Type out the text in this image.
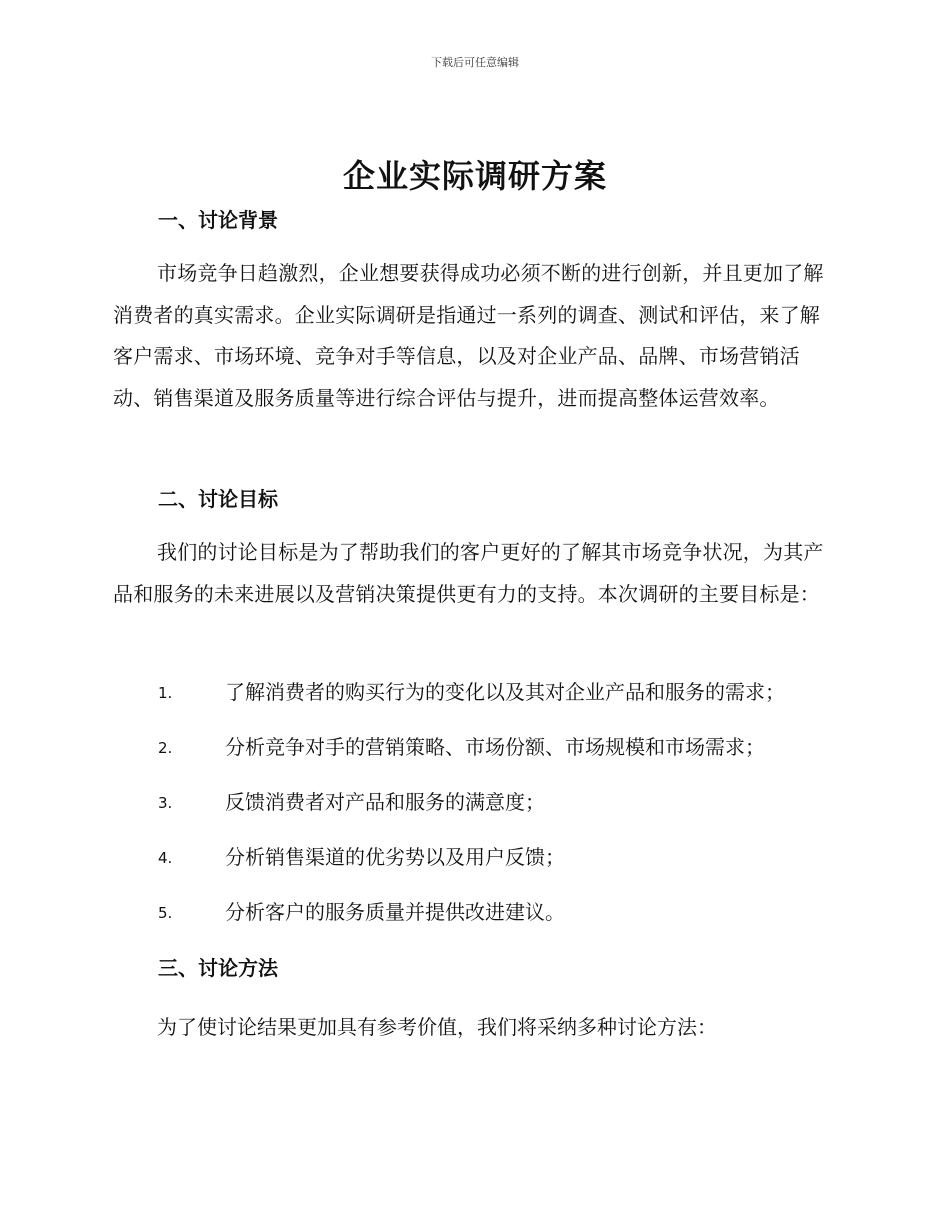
下载后可任意编辑
企业实际调研方案
一、讨论背景
市场竞争日趋激烈，企业想要获得成功必须不断的进行创新，并且更加了解消费者的真实需求。企业实际调研是指通过一系列的调查、测试和评估，来了解客户需求、市场环境、竞争对手等信息，以及对企业产品、品牌、市场营销活动、销售渠道及服务质量等进行综合评估与提升，进而提高整体运营效率。
二、讨论目标
我们的讨论目标是为了帮助我们的客户更好的了解其市场竞争状况，为其产品和服务的未来进展以及营销决策提供更有力的支持。本次调研的主要目标是：
1.	了解消费者的购买行为的变化以及其对企业产品和服务的需求；
2.	分析竞争对手的营销策略、市场份额、市场规模和市场需求；
3.	反馈消费者对产品和服务的满意度；
4.	分析销售渠道的优劣势以及用户反馈；
5.	分析客户的服务质量并提供改进建议。
三、讨论方法
为了使讨论结果更加具有参考价值，我们将采纳多种讨论方法：
